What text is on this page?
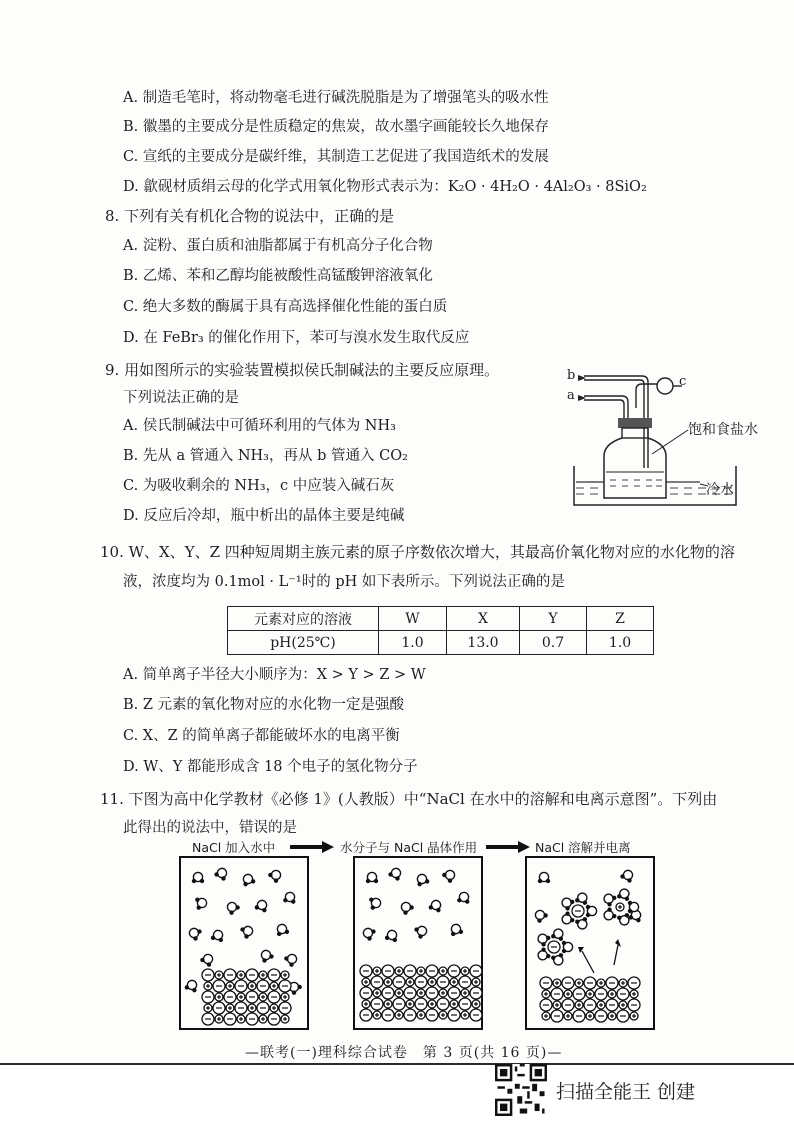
A. 制造毛笔时，将动物毫毛进行碱洗脱脂是为了增强笔头的吸水性
B. 徽墨的主要成分是性质稳定的焦炭，故水墨字画能较长久地保存
C. 宣纸的主要成分是碳纤维，其制造工艺促进了我国造纸术的发展
D. 歙砚材质绢云母的化学式用氧化物形式表示为：K₂O · 4H₂O · 4Al₂O₃ · 8SiO₂
8. 下列有关有机化合物的说法中，正确的是
A. 淀粉、蛋白质和油脂都属于有机高分子化合物
B. 乙烯、苯和乙醇均能被酸性高锰酸钾溶液氧化
C. 绝大多数的酶属于具有高选择催化性能的蛋白质
D. 在 FeBr₃ 的催化作用下，苯可与溴水发生取代反应
9. 用如图所示的实验装置模拟侯氏制碱法的主要反应原理。
下列说法正确的是
A. 侯氏制碱法中可循环利用的气体为 NH₃
B. 先从 a 管通入 NH₃，再从 b 管通入 CO₂
C. 为吸收剩余的 NH₃，c 中应装入碱石灰
D. 反应后冷却，瓶中析出的晶体主要是纯碱
b
a
c
饱和食盐水
冷水
10. W、X、Y、Z 四种短周期主族元素的原子序数依次增大，其最高价氧化物对应的水化物的溶
液，浓度均为 0.1mol · L⁻¹时的 pH 如下表所示。下列说法正确的是
元素对应的溶液	W	X	Y	Z
pH(25℃)	1.0	13.0	0.7	1.0
A. 简单离子半径大小顺序为：X > Y > Z > W
B. Z 元素的氧化物对应的水化物一定是强酸
C. X、Z 的简单离子都能破坏水的电离平衡
D. W、Y 都能形成含 18 个电子的氢化物分子
11. 下图为高中化学教材《必修 1》(人教版）中“NaCl 在水中的溶解和电离示意图”。下列由
此得出的说法中，错误的是
NaCl 加入水中	水分子与 NaCl 晶体作用	NaCl 溶解并电离
—联考(一)理科综合试卷　第 3 页(共 16 页)—
扫描全能王 创建
